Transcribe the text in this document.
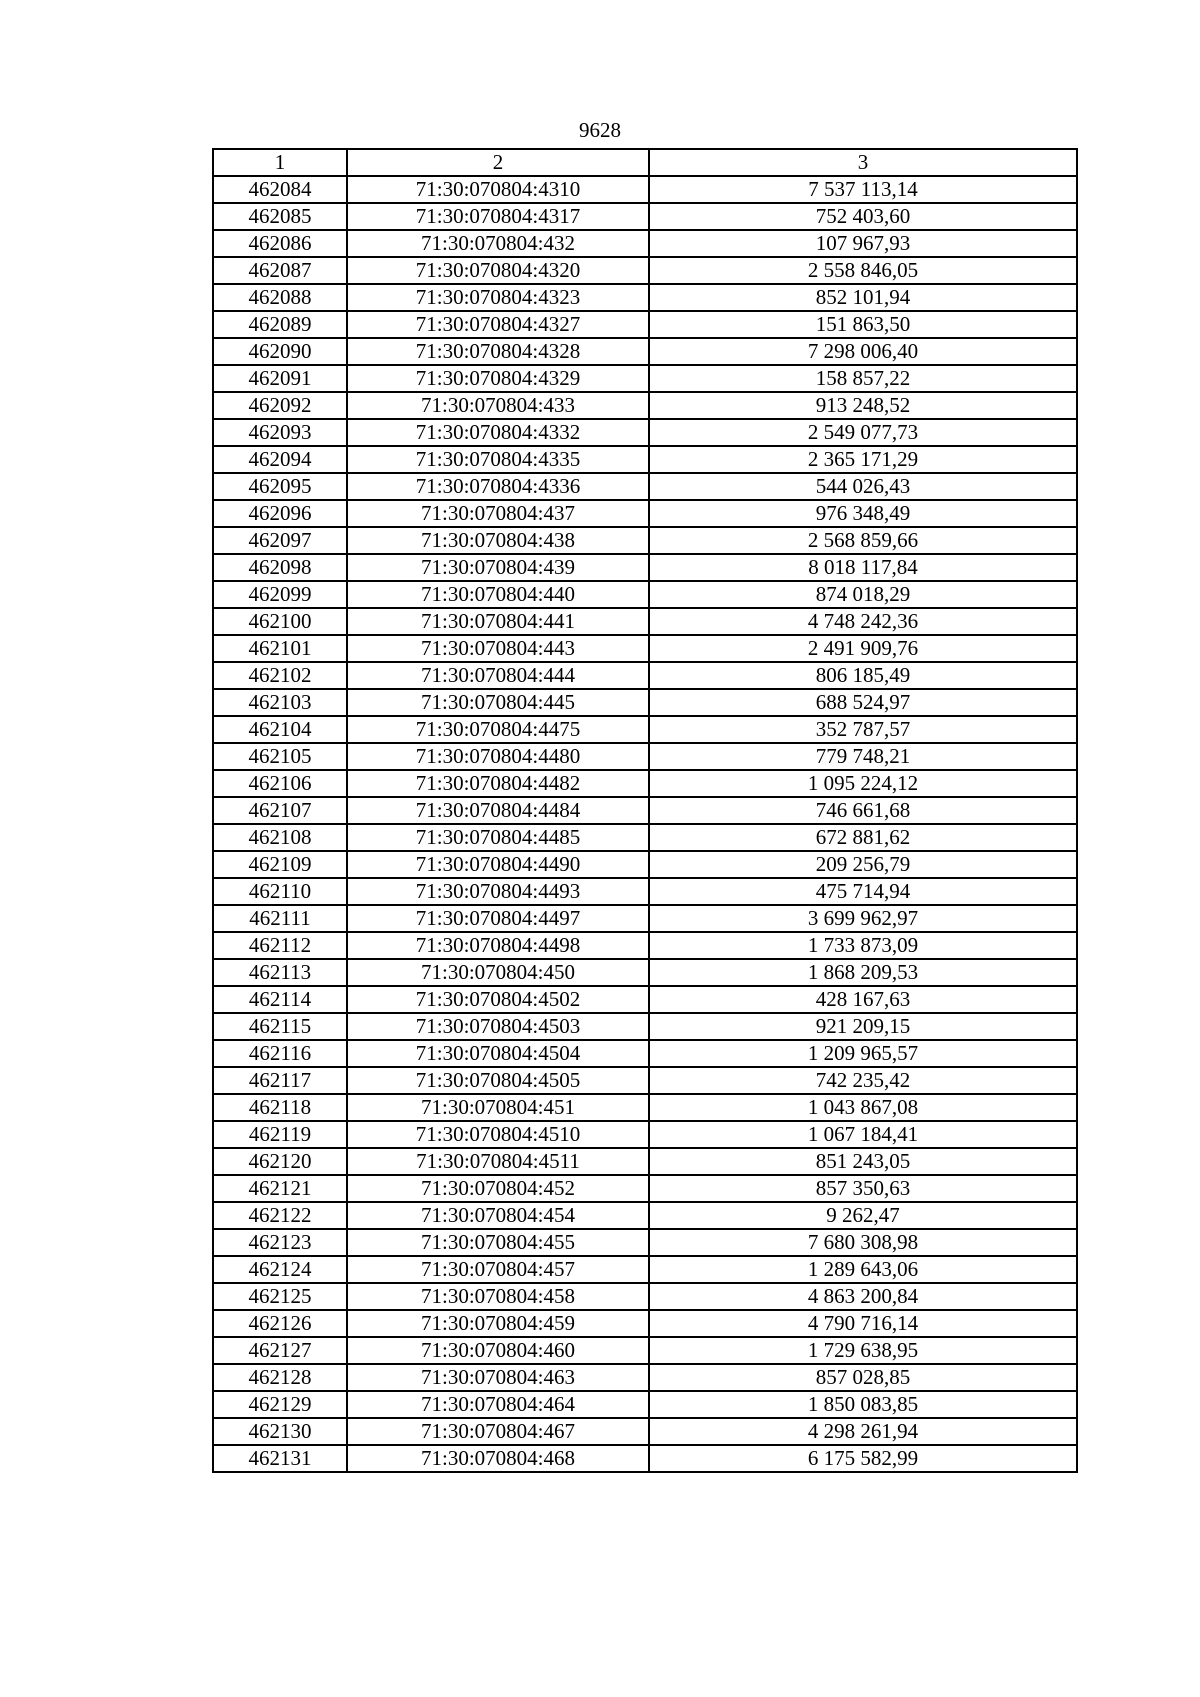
9628
1	2	3
462084	71:30:070804:4310	7 537 113,14
462085	71:30:070804:4317	752 403,60
462086	71:30:070804:432	107 967,93
462087	71:30:070804:4320	2 558 846,05
462088	71:30:070804:4323	852 101,94
462089	71:30:070804:4327	151 863,50
462090	71:30:070804:4328	7 298 006,40
462091	71:30:070804:4329	158 857,22
462092	71:30:070804:433	913 248,52
462093	71:30:070804:4332	2 549 077,73
462094	71:30:070804:4335	2 365 171,29
462095	71:30:070804:4336	544 026,43
462096	71:30:070804:437	976 348,49
462097	71:30:070804:438	2 568 859,66
462098	71:30:070804:439	8 018 117,84
462099	71:30:070804:440	874 018,29
462100	71:30:070804:441	4 748 242,36
462101	71:30:070804:443	2 491 909,76
462102	71:30:070804:444	806 185,49
462103	71:30:070804:445	688 524,97
462104	71:30:070804:4475	352 787,57
462105	71:30:070804:4480	779 748,21
462106	71:30:070804:4482	1 095 224,12
462107	71:30:070804:4484	746 661,68
462108	71:30:070804:4485	672 881,62
462109	71:30:070804:4490	209 256,79
462110	71:30:070804:4493	475 714,94
462111	71:30:070804:4497	3 699 962,97
462112	71:30:070804:4498	1 733 873,09
462113	71:30:070804:450	1 868 209,53
462114	71:30:070804:4502	428 167,63
462115	71:30:070804:4503	921 209,15
462116	71:30:070804:4504	1 209 965,57
462117	71:30:070804:4505	742 235,42
462118	71:30:070804:451	1 043 867,08
462119	71:30:070804:4510	1 067 184,41
462120	71:30:070804:4511	851 243,05
462121	71:30:070804:452	857 350,63
462122	71:30:070804:454	9 262,47
462123	71:30:070804:455	7 680 308,98
462124	71:30:070804:457	1 289 643,06
462125	71:30:070804:458	4 863 200,84
462126	71:30:070804:459	4 790 716,14
462127	71:30:070804:460	1 729 638,95
462128	71:30:070804:463	857 028,85
462129	71:30:070804:464	1 850 083,85
462130	71:30:070804:467	4 298 261,94
462131	71:30:070804:468	6 175 582,99
